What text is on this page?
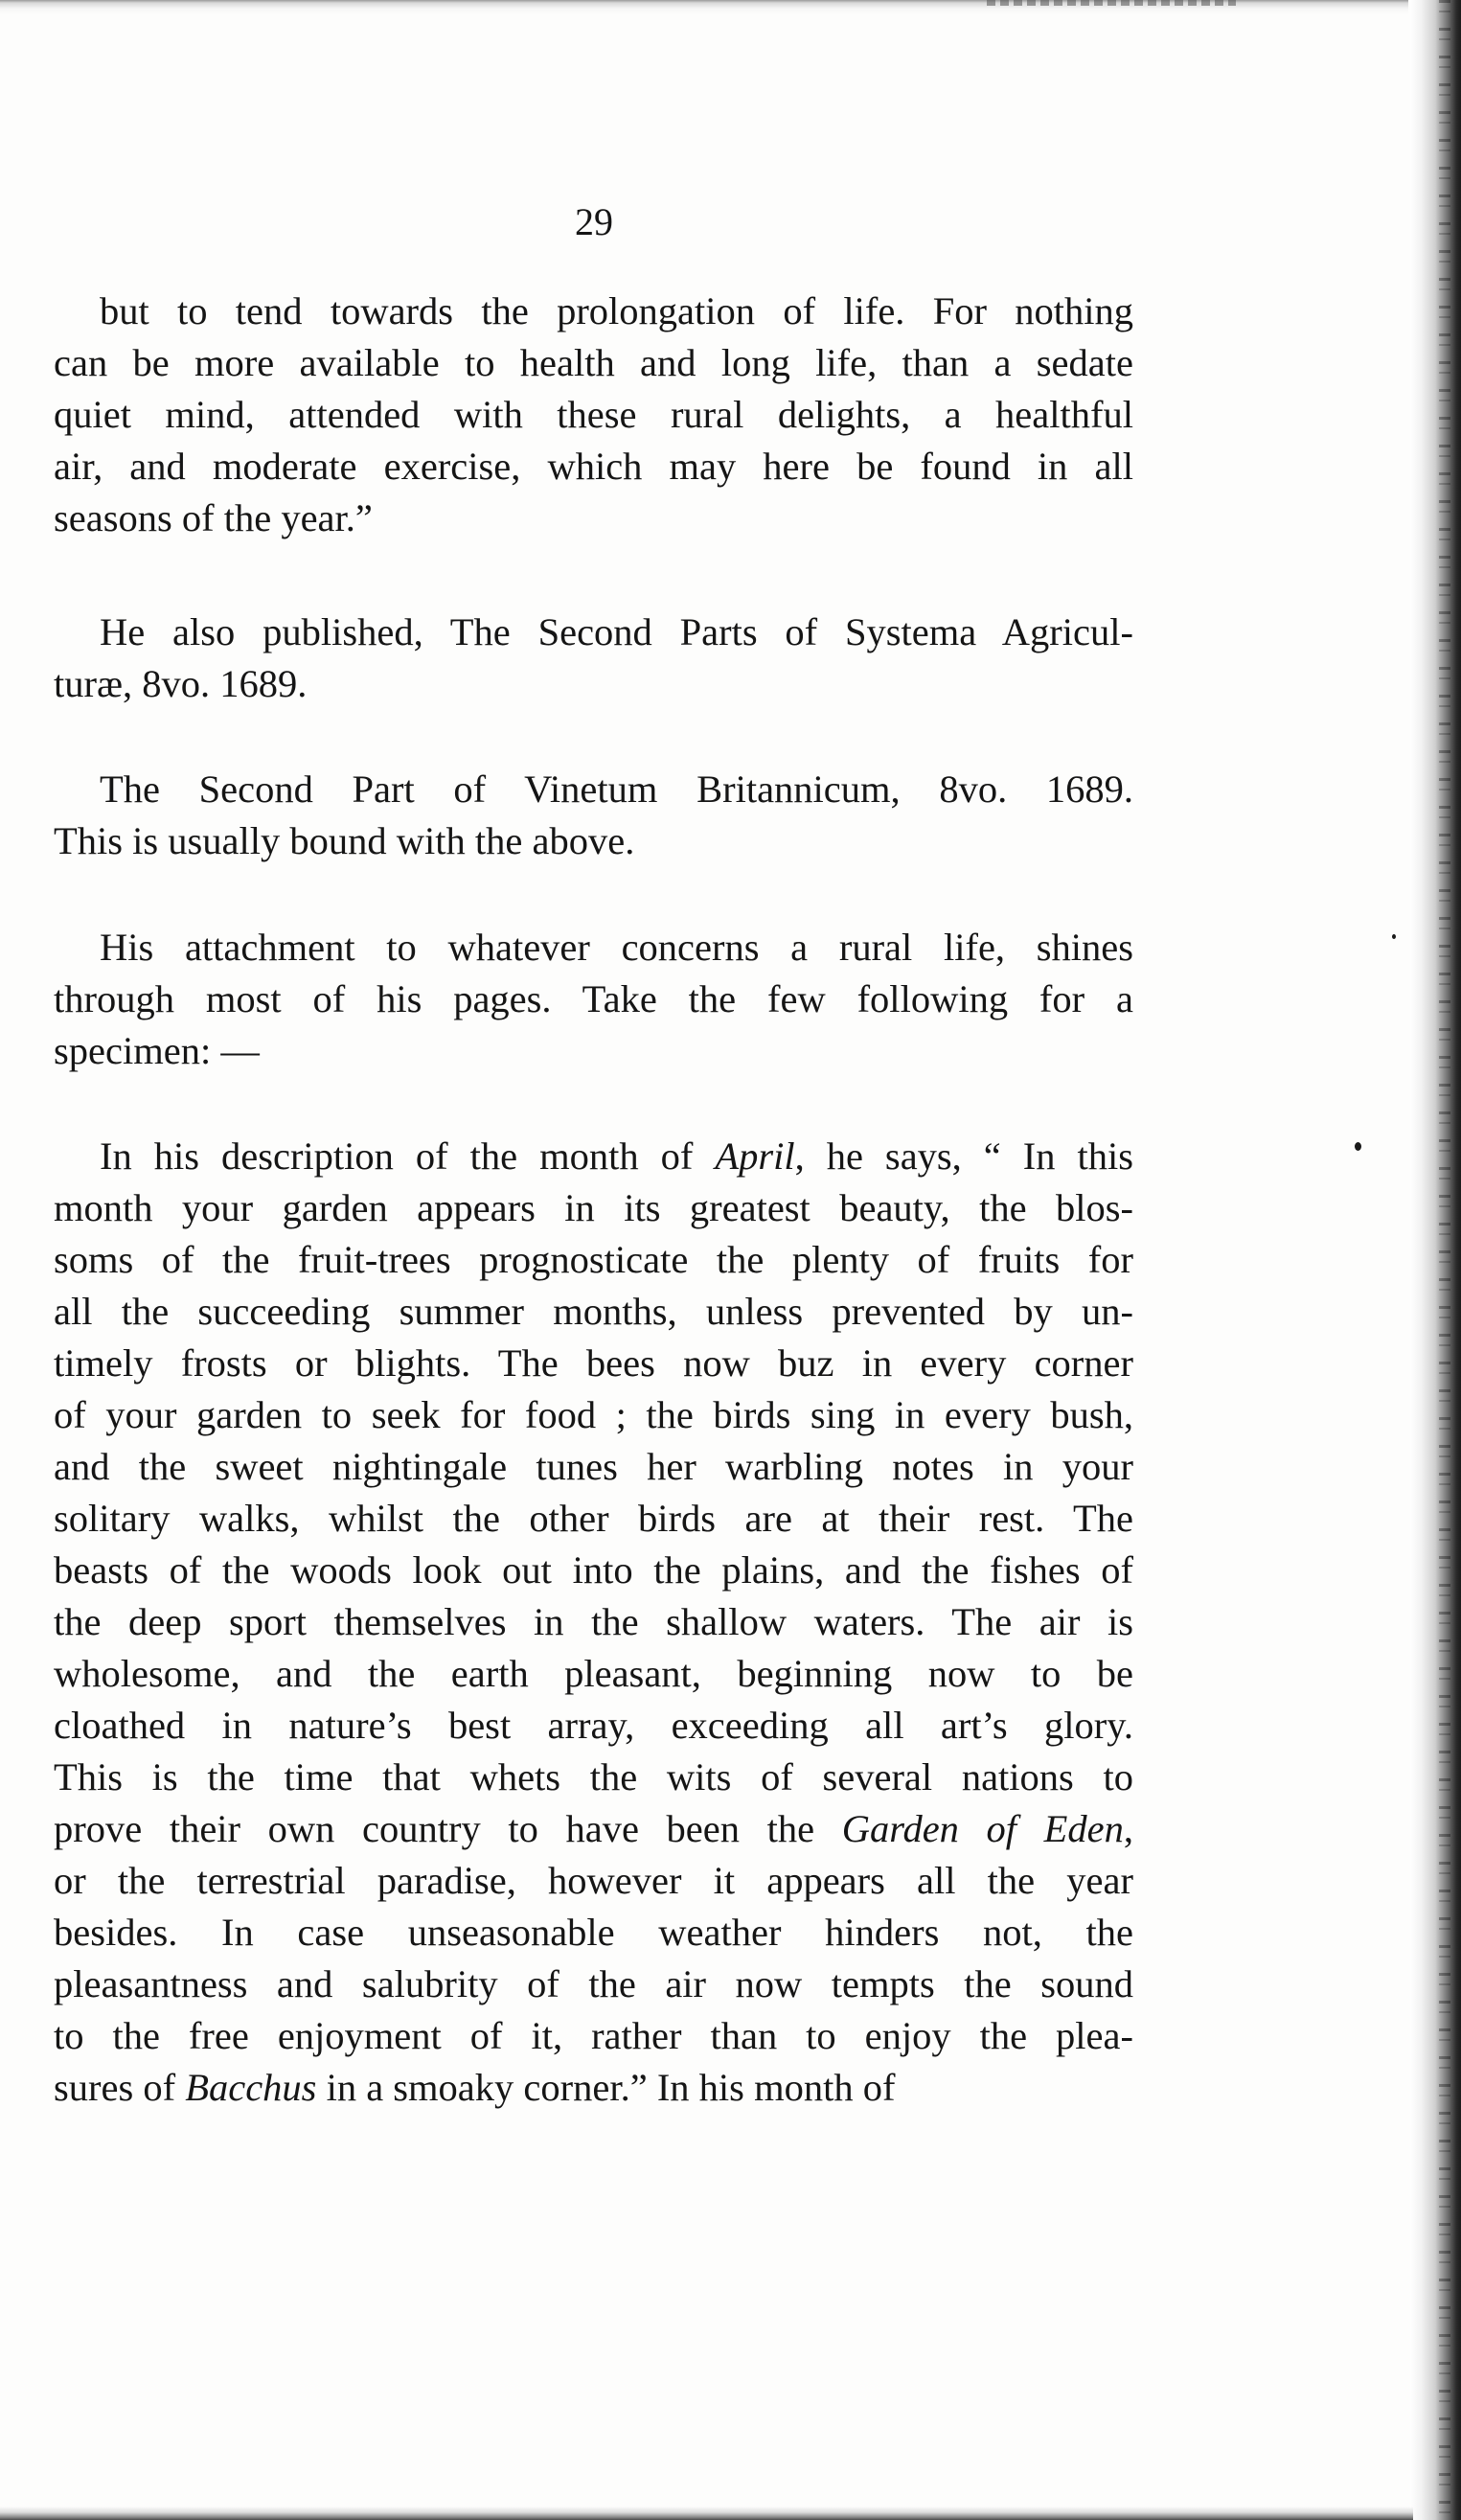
29
but to tend towards the prolongation of life. For nothing
can be more available to health and long life, than a sedate
quiet mind, attended with these rural delights, a healthful
air, and moderate exercise, which may here be found in all
seasons of the year.”
He also published, The Second Parts of Systema Agricul-
turæ, 8vo. 1689.
The Second Part of Vinetum Britannicum, 8vo. 1689.
This is usually bound with the above.
His attachment to whatever concerns a rural life, shines
through most of his pages. Take the few following for a
specimen: —
In his description of the month of April, he says, “ In this
month your garden appears in its greatest beauty, the blos-
soms of the fruit-trees prognosticate the plenty of fruits for
all the succeeding summer months, unless prevented by un-
timely frosts or blights. The bees now buz in every corner
of your garden to seek for food ; the birds sing in every bush,
and the sweet nightingale tunes her warbling notes in your
solitary walks, whilst the other birds are at their rest. The
beasts of the woods look out into the plains, and the fishes of
the deep sport themselves in the shallow waters. The air is
wholesome, and the earth pleasant, beginning now to be
cloathed in nature’s best array, exceeding all art’s glory.
This is the time that whets the wits of several nations to
prove their own country to have been the Garden of Eden,
or the terrestrial paradise, however it appears all the year
besides. In case unseasonable weather hinders not, the
pleasantness and salubrity of the air now tempts the sound
to the free enjoyment of it, rather than to enjoy the plea-
sures of Bacchus in a smoaky corner.” In his month of
